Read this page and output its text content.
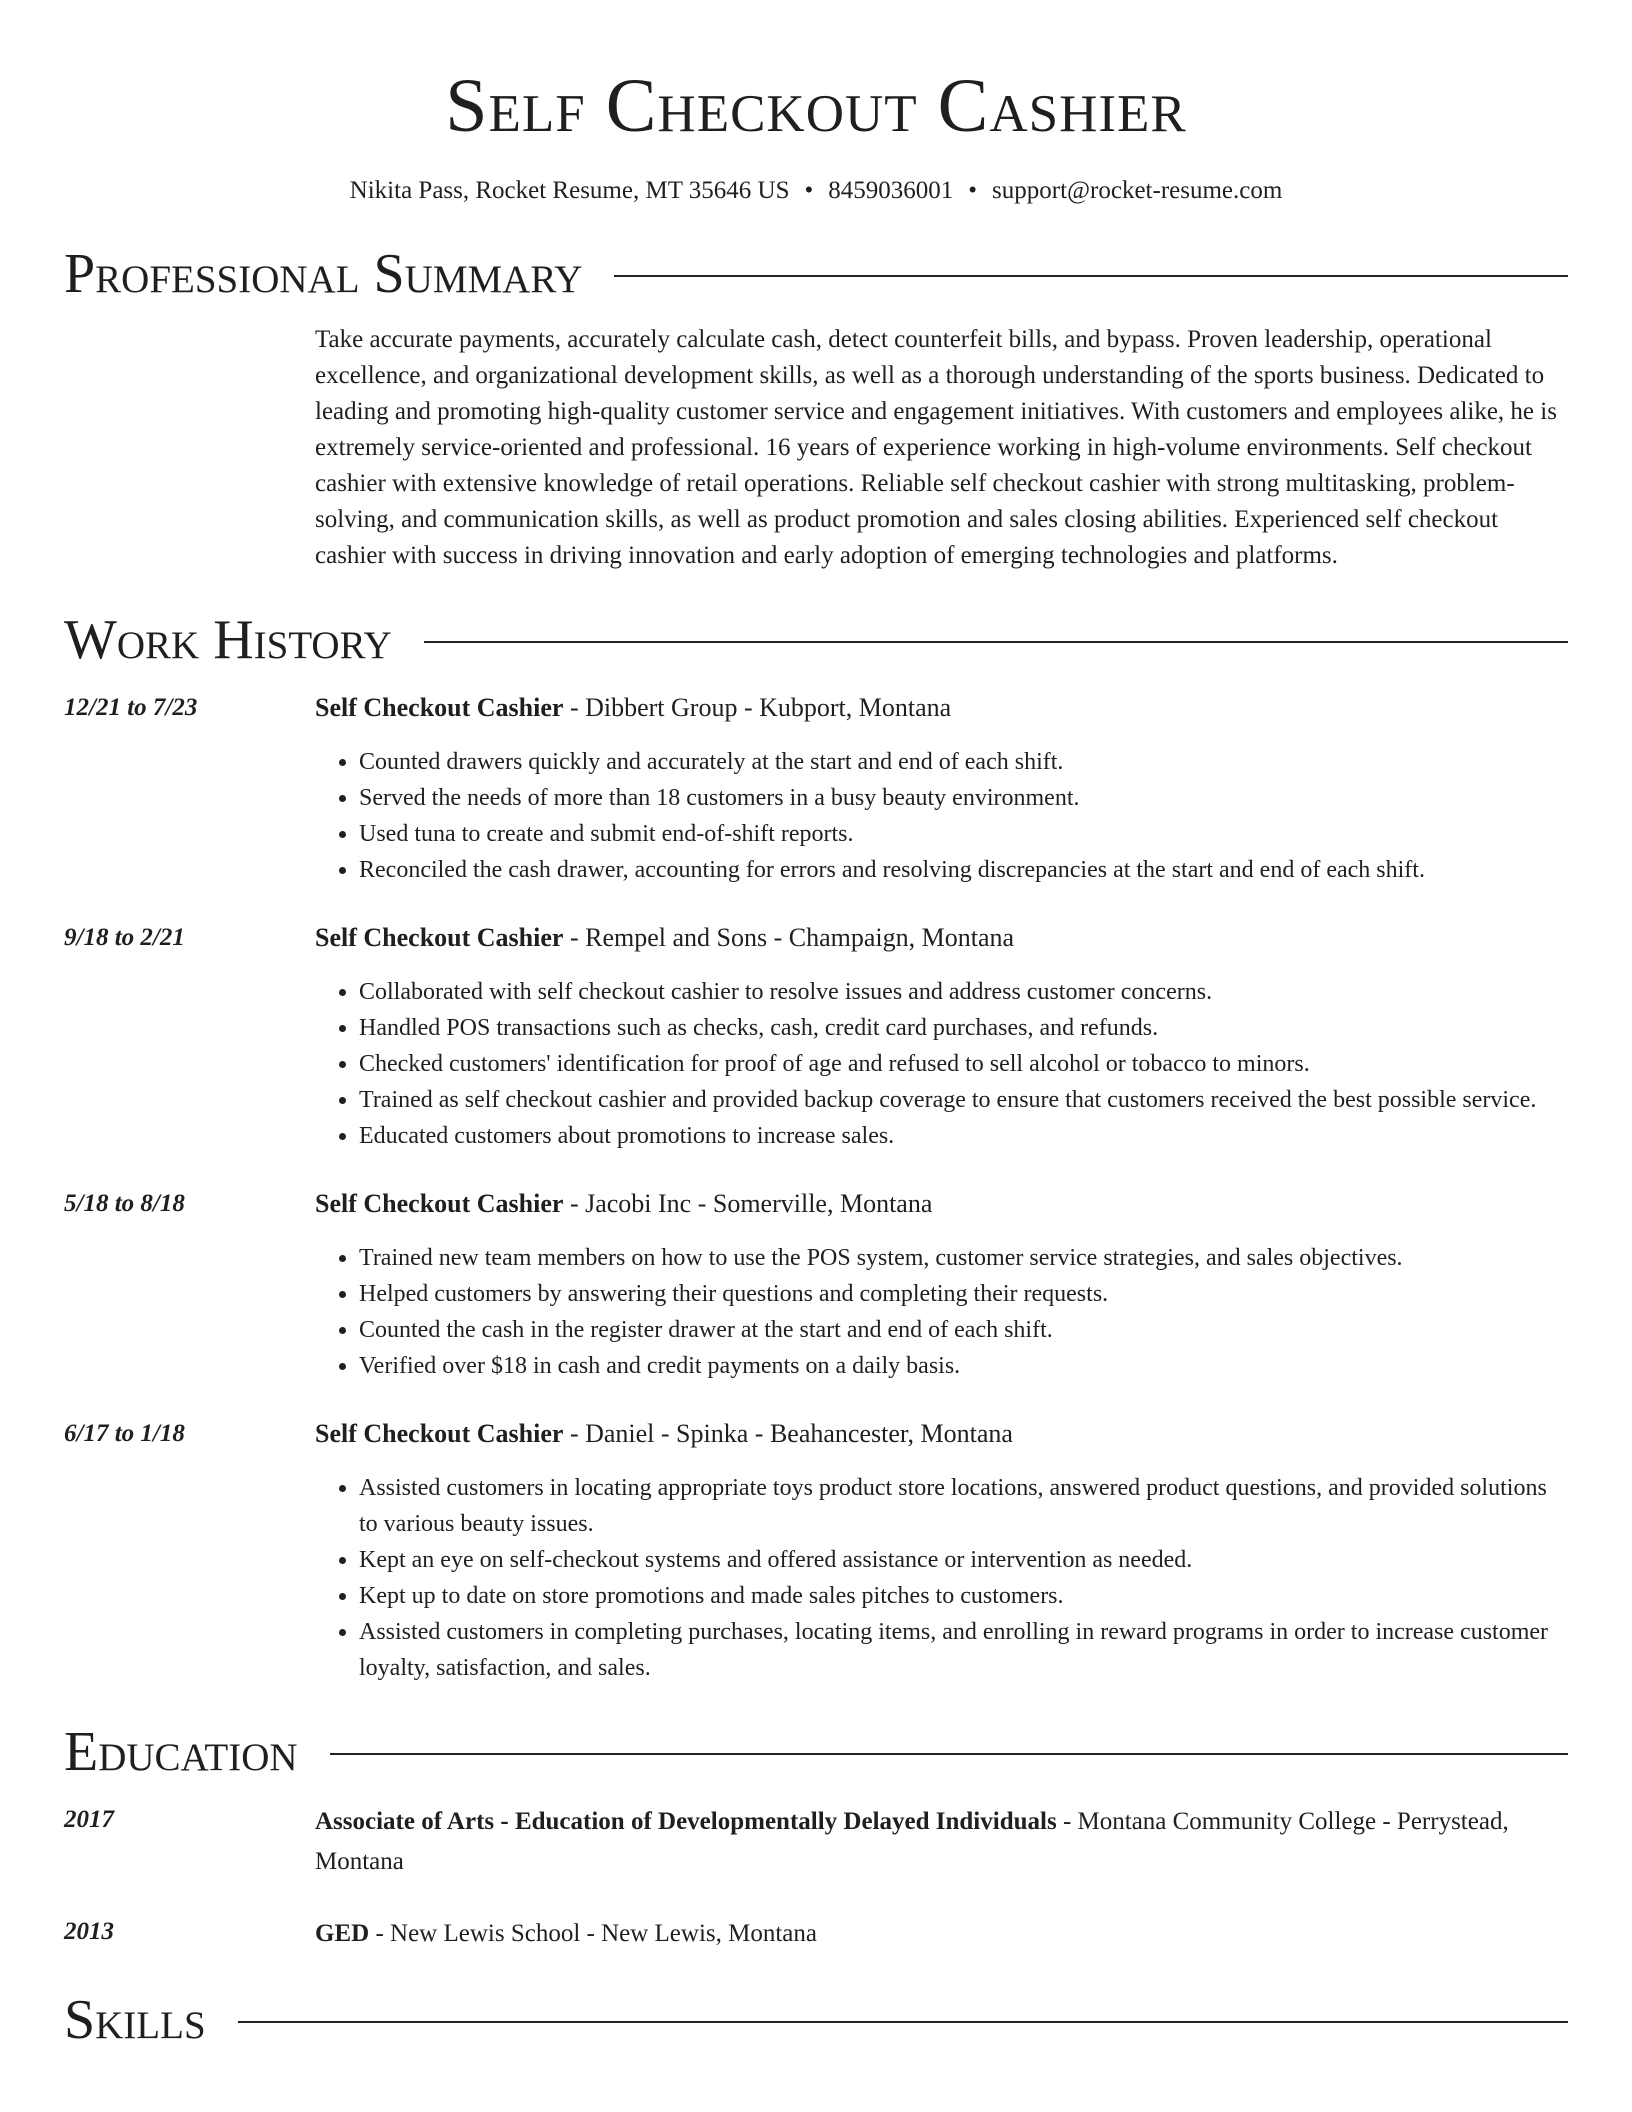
Self Checkout Cashier
Nikita Pass, Rocket Resume, MT 35646 US • 8459036001 • support@rocket-resume.com
Professional Summary
Take accurate payments, accurately calculate cash, detect counterfeit bills, and bypass. Proven leadership, operational excellence, and organizational development skills, as well as a thorough understanding of the sports business. Dedicated to leading and promoting high-quality customer service and engagement initiatives. With customers and employees alike, he is extremely service-oriented and professional. 16 years of experience working in high-volume environments. Self checkout cashier with extensive knowledge of retail operations. Reliable self checkout cashier with strong multitasking, problem-solving, and communication skills, as well as product promotion and sales closing abilities. Experienced self checkout cashier with success in driving innovation and early adoption of emerging technologies and platforms.
Work History
12/21 to 7/23	Self Checkout Cashier - Dibbert Group - Kubport, Montana
• Counted drawers quickly and accurately at the start and end of each shift.
• Served the needs of more than 18 customers in a busy beauty environment.
• Used tuna to create and submit end-of-shift reports.
• Reconciled the cash drawer, accounting for errors and resolving discrepancies at the start and end of each shift.
9/18 to 2/21	Self Checkout Cashier - Rempel and Sons - Champaign, Montana
• Collaborated with self checkout cashier to resolve issues and address customer concerns.
• Handled POS transactions such as checks, cash, credit card purchases, and refunds.
• Checked customers' identification for proof of age and refused to sell alcohol or tobacco to minors.
• Trained as self checkout cashier and provided backup coverage to ensure that customers received the best possible service.
• Educated customers about promotions to increase sales.
5/18 to 8/18	Self Checkout Cashier - Jacobi Inc - Somerville, Montana
• Trained new team members on how to use the POS system, customer service strategies, and sales objectives.
• Helped customers by answering their questions and completing their requests.
• Counted the cash in the register drawer at the start and end of each shift.
• Verified over $18 in cash and credit payments on a daily basis.
6/17 to 1/18	Self Checkout Cashier - Daniel - Spinka - Beahancester, Montana
• Assisted customers in locating appropriate toys product store locations, answered product questions, and provided solutions to various beauty issues.
• Kept an eye on self-checkout systems and offered assistance or intervention as needed.
• Kept up to date on store promotions and made sales pitches to customers.
• Assisted customers in completing purchases, locating items, and enrolling in reward programs in order to increase customer loyalty, satisfaction, and sales.
Education
2017	Associate of Arts - Education of Developmentally Delayed Individuals - Montana Community College - Perrystead, Montana
2013	GED - New Lewis School - New Lewis, Montana
Skills
